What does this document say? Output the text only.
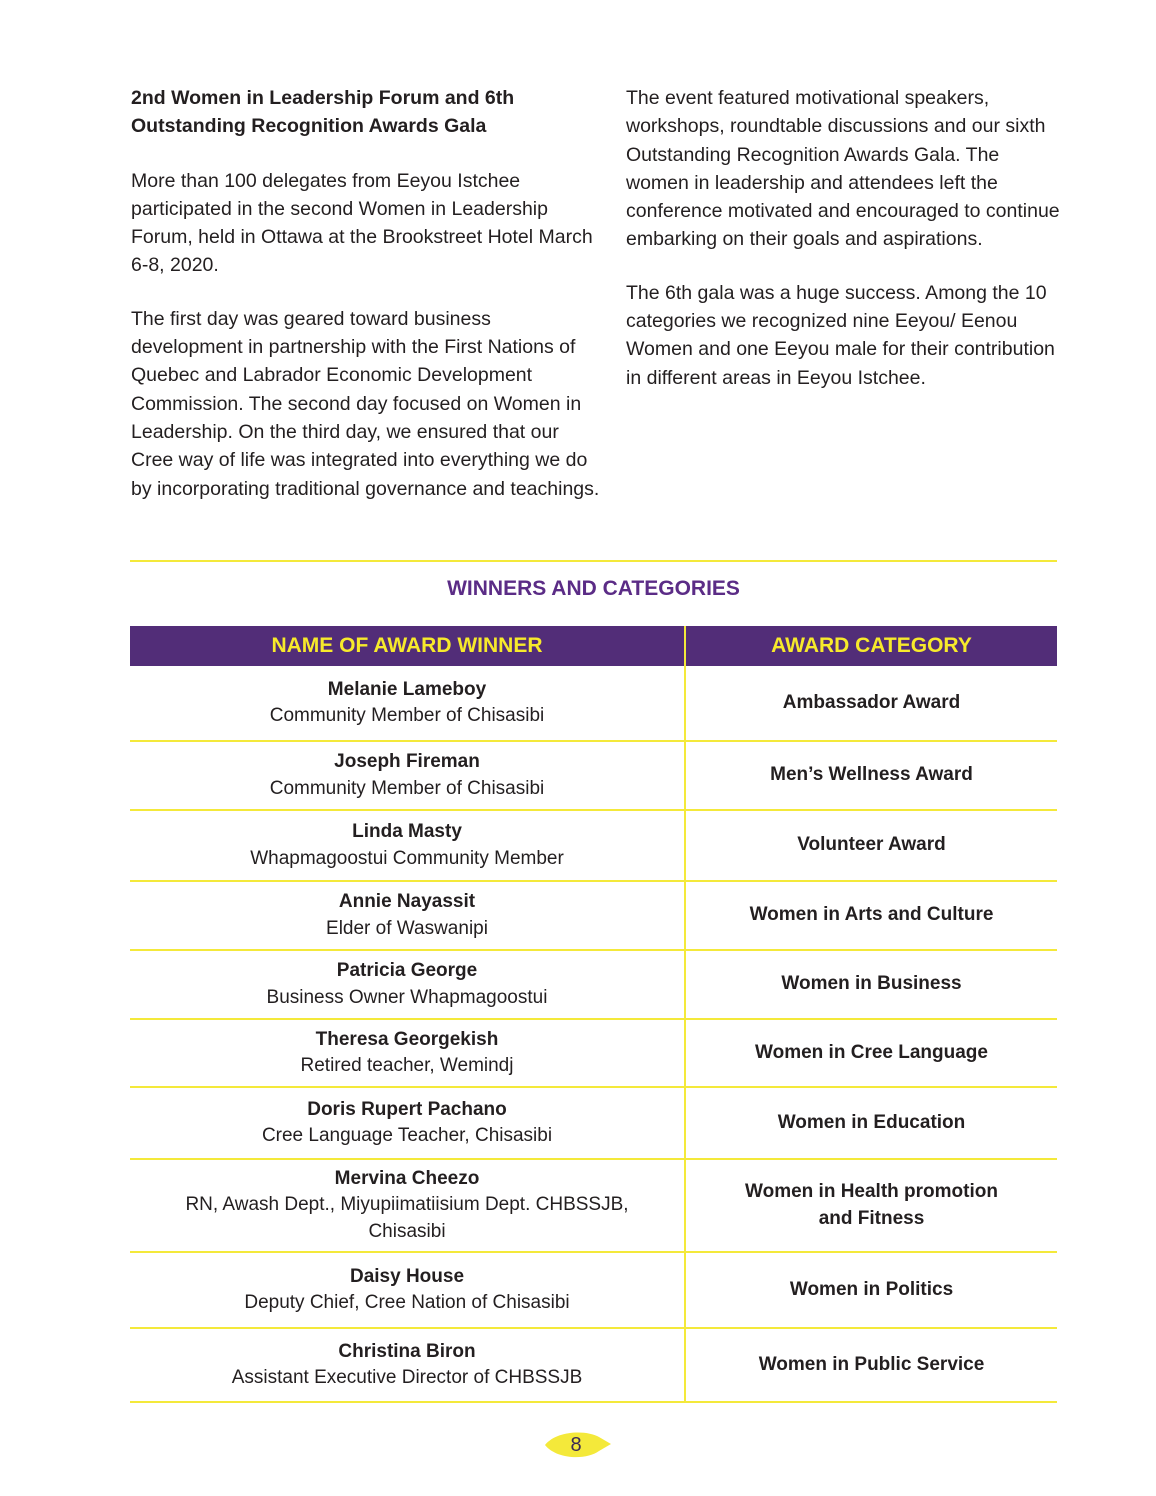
2nd Women in Leadership Forum and 6th Outstanding Recognition Awards Gala

More than 100 delegates from Eeyou Istchee participated in the second Women in Leadership Forum, held in Ottawa at the Brookstreet Hotel March 6-8, 2020.

The first day was geared toward business development in partnership with the First Nations of Quebec and Labrador Economic Development Commission. The second day focused on Women in Leadership. On the third day, we ensured that our Cree way of life was integrated into everything we do by incorporating traditional governance and teachings.

The event featured motivational speakers, workshops, roundtable discussions and our sixth Outstanding Recognition Awards Gala. The women in leadership and attendees left the conference motivated and encouraged to continue embarking on their goals and aspirations.

The 6th gala was a huge success. Among the 10 categories we recognized nine Eeyou/ Eenou Women and one Eeyou male for their contribution in different areas in Eeyou Istchee.

WINNERS AND CATEGORIES
NAME OF AWARD WINNER	AWARD CATEGORY

Melanie Lameboy
Community Member of Chisasibi	Ambassador Award

Joseph Fireman
Community Member of Chisasibi	Men’s Wellness Award

Linda Masty
Whapmagoostui Community Member	Volunteer Award

Annie Nayassit
Elder of Waswanipi	Women in Arts and Culture

Patricia George
Business Owner Whapmagoostui	Women in Business

Theresa Georgekish
Retired teacher, Wemindj	Women in Cree Language

Doris Rupert Pachano
Cree Language Teacher, Chisasibi	Women in Education

Mervina Cheezo
RN, Awash Dept., Miyupiimatiisium Dept. CHBSSJB, Chisasibi	Women in Health promotion and Fitness

Daisy House
Deputy Chief, Cree Nation of Chisasibi	Women in Politics

Christina Biron
Assistant Executive Director of CHBSSJB	Women in Public Service
8
